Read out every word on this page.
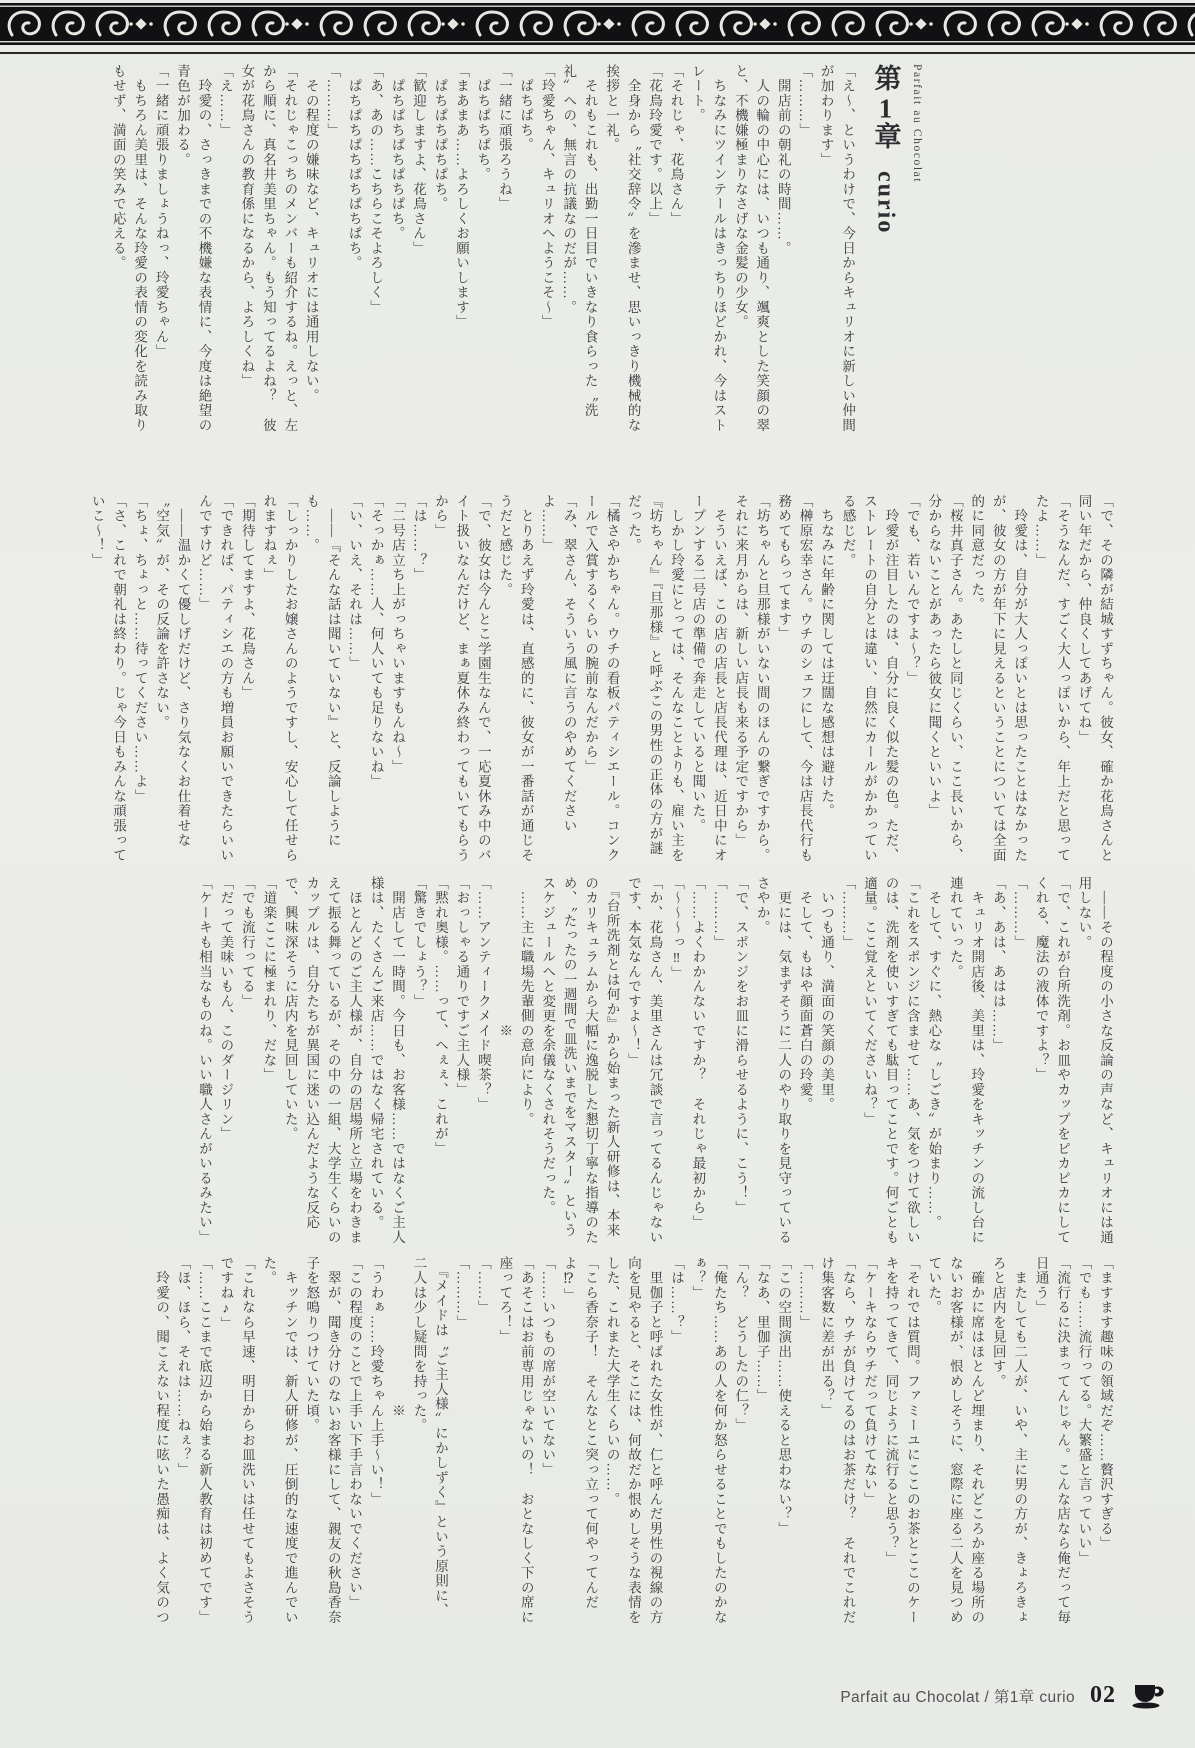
Parfait au Chocolat
第1章curio

「え〜、というわけで、今日からキュリオに新しい仲間が加わります」

「………」

　開店前の朝礼の時間……。

　人の輪の中心には、いつも通り、颯爽とした笑顔の翠と、不機嫌極まりなさげな金髪の少女。

　ちなみにツインテールはきっちりほどかれ、今はストレート。

「それじゃ、花鳥さん」

「花鳥玲愛です。以上」

　全身から〝社交辞令〟を滲ませ、思いっきり機械的な挨拶と一礼。

　それもこれも、出勤一日目でいきなり食らった〝洗礼〟への、無言の抗議なのだが……。

「玲愛ちゃん、キュリオへようこそ〜」

　ぱちぱち。

「一緒に頑張ろうね」

　ぱちぱちぱち。

「まあまあ……よろしくお願いします」

　ぱちぱちぱちぱち。

「歓迎しますよ、花鳥さん」

　ぱちぱちぱちぱちぱち。

「あ、あの……こちらこそよろしく」

　ぱちぱちぱちぱちぱちぱち。

「………」

　その程度の嫌味など、キュリオには通用しない。

「それじゃこっちのメンバーも紹介するね。えっと、左から順に、真名井美里ちゃん。もう知ってるよね？　彼女が花鳥さんの教育係になるから、よろしくね」

「え……」

　玲愛の、さっきまでの不機嫌な表情に、今度は絶望の青色が加わる。

「一緒に頑張りましょうねっ、玲愛ちゃん」

　もちろん美里は、そんな玲愛の表情の変化を読み取りもせず、満面の笑みで応える。

「で、その隣が結城すずちゃん。彼女、確か花鳥さんと同い年だから、仲良くしてあげてね」

「そうなんだ、すごく大人っぽいから、年上だと思ってたよ……」

　玲愛は、自分が大人っぽいとは思ったことはなかったが、彼女の方が年下に見えるということについては全面的に同意だった。

「桜井真子さん。あたしと同じくらい、ここ長いから、分からないことがあったら彼女に聞くといいよ」

「でも、若いんですよ〜？」

　玲愛が注目したのは、自分に良く似た髪の色。ただ、ストレートの自分とは違い、自然にカールがかかっている感じだ。

　ちなみに年齢に関しては迂闊な感想は避けた。

「榊原宏幸さん。ウチのシェフにして、今は店長代行も務めてもらってます」

「坊ちゃんと旦那様がいない間のほんの繋ぎですから。それに来月からは、新しい店長も来る予定ですから」

　そういえば、この店の店長と店長代理は、近日中にオープンする二号店の準備で奔走していると聞いた。

　しかし玲愛にとっては、そんなことよりも、雇い主を『坊ちゃん』『旦那様』と呼ぶこの男性の正体の方が謎だった。

「橘さやかちゃん。ウチの看板パティシエール。コンクールで入賞するくらいの腕前なんだから」

「み、翠さん、そういう風に言うのやめてくださいよ……」

　とりあえず玲愛は、直感的に、彼女が一番話が通じそうだと感じた。

「で、彼女は今んとこ学園生なんで、一応夏休み中のバイト扱いなんだけど、まぁ夏休み終わってもいてもらうから」

「は……？」

「二号店立ち上がっちゃいますもんね〜」

「そっかぁ……人、何人いても足りないね」

「い、いえ、それは……」

　――『そんな話は聞いていない』と、反論しようにも……。

「しっかりしたお嬢さんのようですし、安心して任せられますねぇ」

「期待してますよ、花鳥さん」

「できれば、パティシエの方も増員お願いできたらいいんですけど……」

　――温かくて優しげだけど、さり気なくお仕着せな〝空気〟が、その反論を許さない。

「ちょ、ちょっと……待ってください……よ」

「さ、これで朝礼は終わり。じゃ今日もみんな頑張っていこ〜！」

　――その程度の小さな反論の声など、キュリオには通用しない。

「で、これが台所洗剤。お皿やカップをピカピカにしてくれる、魔法の液体ですよ？」

「………」

「あ、あは、あはは……」

　キュリオ開店後、美里は、玲愛をキッチンの流し台に連れていった。

　そして、すぐに、熱心な〝しごき〟が始まり……。

「これをスポンジに含ませて……あ、気をつけて欲しいのは、洗剤を使いすぎても駄目ってことです。何ごとも適量。ここ覚えといてくださいね？」

「………」

　いつも通り、満面の笑顔の美里。

　そして、もはや顔面蒼白の玲愛。

　更には、気まずそうに二人のやり取りを見守っているさやか。

「で、スポンジをお皿に滑らせるように、こう！」

「………」

「……よくわかんないですか？　それじゃ最初から」

「〜〜〜っ‼」

「か、花鳥さん、美里さんは冗談で言ってるんじゃないです、本気なんですよ〜！」

　『台所洗剤とは何か』から始まった新人研修は、本来のカリキュラムから大幅に逸脱した懇切丁寧な指導のため、〝たったの一週間で皿洗いまでをマスター〟というスケジュールへと変更を余儀なくされそうだった。

　……主に職場先輩側の意向により。

　　　　　　　　　　※

「……アンティークメイド喫茶？」

「おっしゃる通りですご主人様」

「黙れ奥様。……って、へぇぇ、これが」

「驚きでしょう？」

　開店して一時間。今日も、お客様……ではなくご主人様は、たくさんご来店……ではなく帰宅されている。

　ほとんどのご主人様が、自分の居場所と立場をわきまえて振る舞っているが、その中の一組、大学生くらいのカップルは、自分たちが異国に迷い込んだような反応で、興味深そうに店内を見回していた。

「道楽ここに極まれり、だな」

「でも流行ってる」

「だって美味いもん、このダージリン」

「ケーキも相当なものね。いい職人さんがいるみたい」

「ますます趣味の領域だぞ……贅沢すぎる」

「でも……流行ってる。大繁盛と言っていい」

「流行るに決まってんじゃん。こんな店なら俺だって毎日通う」

　またしても二人が、いや、主に男の方が、きょろきょろと店内を見回す。

　確かに席はほとんど埋まり、それどころか座る場所のないお客様が、恨めしそうに、窓際に座る二人を見つめていた。

「それでは質問。ファミーユにここのお茶とここのケーキを持ってきて、同じように流行ると思う？」

「ケーキならウチだって負けてない」

「なら、ウチが負けてるのはお茶だけ？　それでこれだけ集客数に差が出る？」

「………」

「この空間演出……使えると思わない？」

「なあ、里伽子……」

「ん？　どうしたの仁？」

「俺たち……あの人を何か怒らせることでもしたのかなぁ？」

「は……？」

　里伽子と呼ばれた女性が、仁と呼んだ男性の視線の方向を見やると、そこには、何故だか恨めしそうな表情をした、これまた大学生くらいの……。

「こら香奈子！　そんなとこ突っ立って何やってんだよ⁉」

「……いつもの席が空いてない」

「あそこはお前専用じゃないの！　おとなしく下の席に座ってろ！」

「……」

「………」

　『メイドは〝ご主人様〟にかしずく』という原則に、二人は少し疑問を持った。

　　　　　　　　　　※

「うわぁ……玲愛ちゃん上手〜い！」

「この程度のことで上手い下手言わないでください」

　翠が、聞き分けのないお客様にして、親友の秋島香奈子を怒鳴りつけていた頃。

　キッチンでは、新人研修が、圧倒的な速度で進んでいた。

「これなら早速、明日からお皿洗いは任せてもよさそうですね♪」

「……ここまで底辺から始まる新人教育は初めてです」

「ほ、ほら、それは……ねぇ？」

　玲愛の、聞こえない程度に呟いた愚痴は、よく気のつ

Parfait au Chocolat / 第1章 curio 02
